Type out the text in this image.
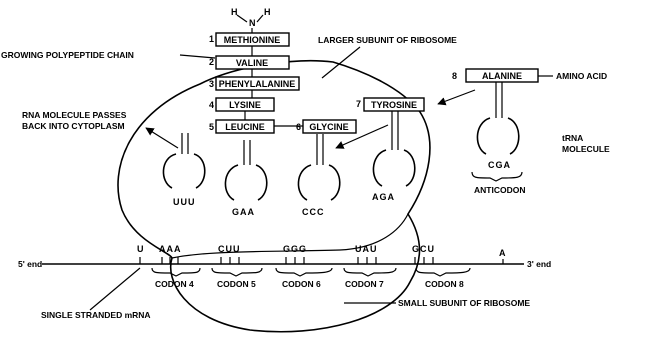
H	H
N
1 METHIONINE
2 VALINE
3 PHENYLALANINE
4 LYSINE
5 LEUCINE	6 GLYCINE
7 TYROSINE
8	ALANINE
GROWING POLYPEPTIDE CHAIN
LARGER SUBUNIT OF RIBOSOME
AMINO ACID
RNA MOLECULE PASSES
BACK INTO CYTOPLASM
tRNA
MOLECULE
UUU
GAA	CCC
AGA
CGA
ANTICODON
5' end	3' end
U AAA	CUU	GGG	UAU	GCU	A
CODON 4	CODON 5	CODON 6	CODON 7	CODON 8
SINGLE STRANDED mRNA
SMALL SUBUNIT OF RIBOSOME
